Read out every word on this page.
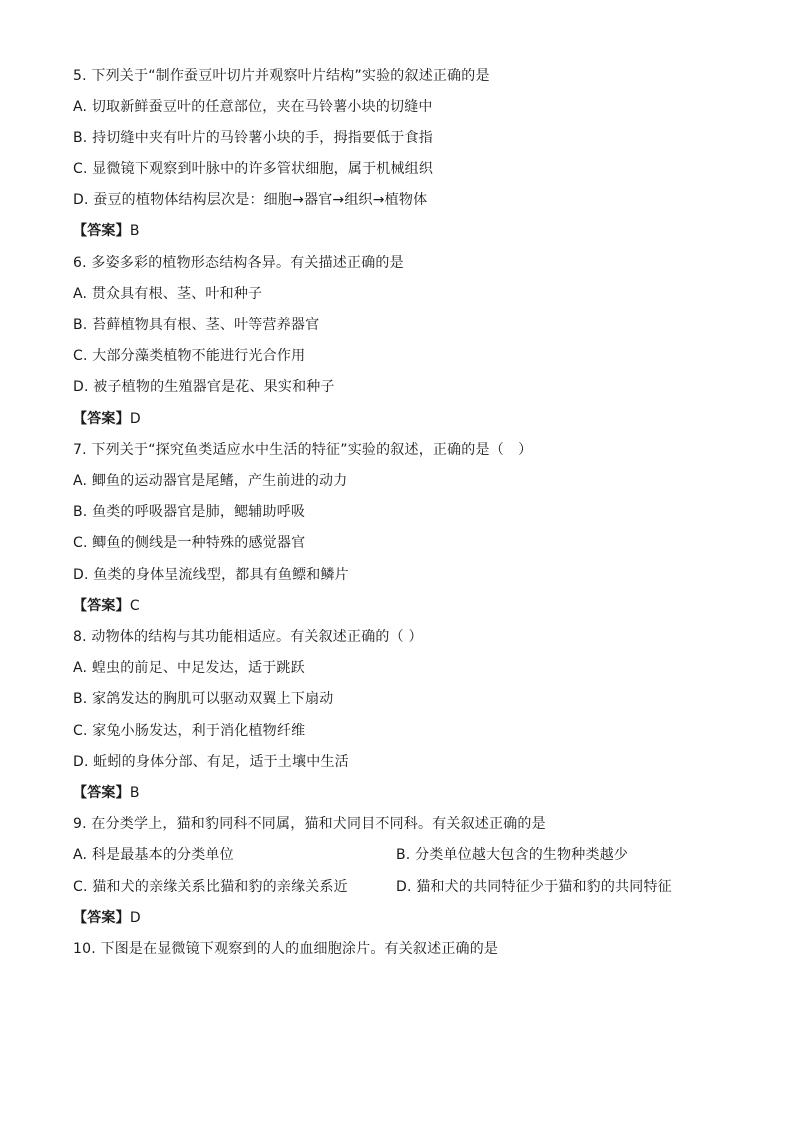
5. 下列关于“制作蚕豆叶切片并观察叶片结构”实验的叙述正确的是
A. 切取新鲜蚕豆叶的任意部位，夹在马铃薯小块的切缝中
B. 持切缝中夹有叶片的马铃薯小块的手，拇指要低于食指
C. 显微镜下观察到叶脉中的许多管状细胞，属于机械组织
D. 蚕豆的植物体结构层次是：细胞→器官→组织→植物体
【答案】B
6. 多姿多彩的植物形态结构各异。有关描述正确的是
A. 贯众具有根、茎、叶和种子
B. 苔藓植物具有根、茎、叶等营养器官
C. 大部分藻类植物不能进行光合作用
D. 被子植物的生殖器官是花、果实和种子
【答案】D
7. 下列关于“探究鱼类适应水中生活的特征”实验的叙述，正确的是（　）
A. 鲫鱼的运动器官是尾鳍，产生前进的动力
B. 鱼类的呼吸器官是肺，鳃辅助呼吸
C. 鲫鱼的侧线是一种特殊的感觉器官
D. 鱼类的身体呈流线型，都具有鱼鳔和鳞片
【答案】C
8. 动物体的结构与其功能相适应。有关叙述正确的（ ）
A. 蝗虫的前足、中足发达，适于跳跃
B. 家鸽发达的胸肌可以驱动双翼上下扇动
C. 家兔小肠发达，利于消化植物纤维
D. 蚯蚓的身体分部、有足，适于土壤中生活
【答案】B
9. 在分类学上，猫和豹同科不同属，猫和犬同目不同科。有关叙述正确的是
A. 科是最基本的分类单位	B. 分类单位越大包含的生物种类越少
C. 猫和犬的亲缘关系比猫和豹的亲缘关系近	D. 猫和犬的共同特征少于猫和豹的共同特征
【答案】D
10. 下图是在显微镜下观察到的人的血细胞涂片。有关叙述正确的是
